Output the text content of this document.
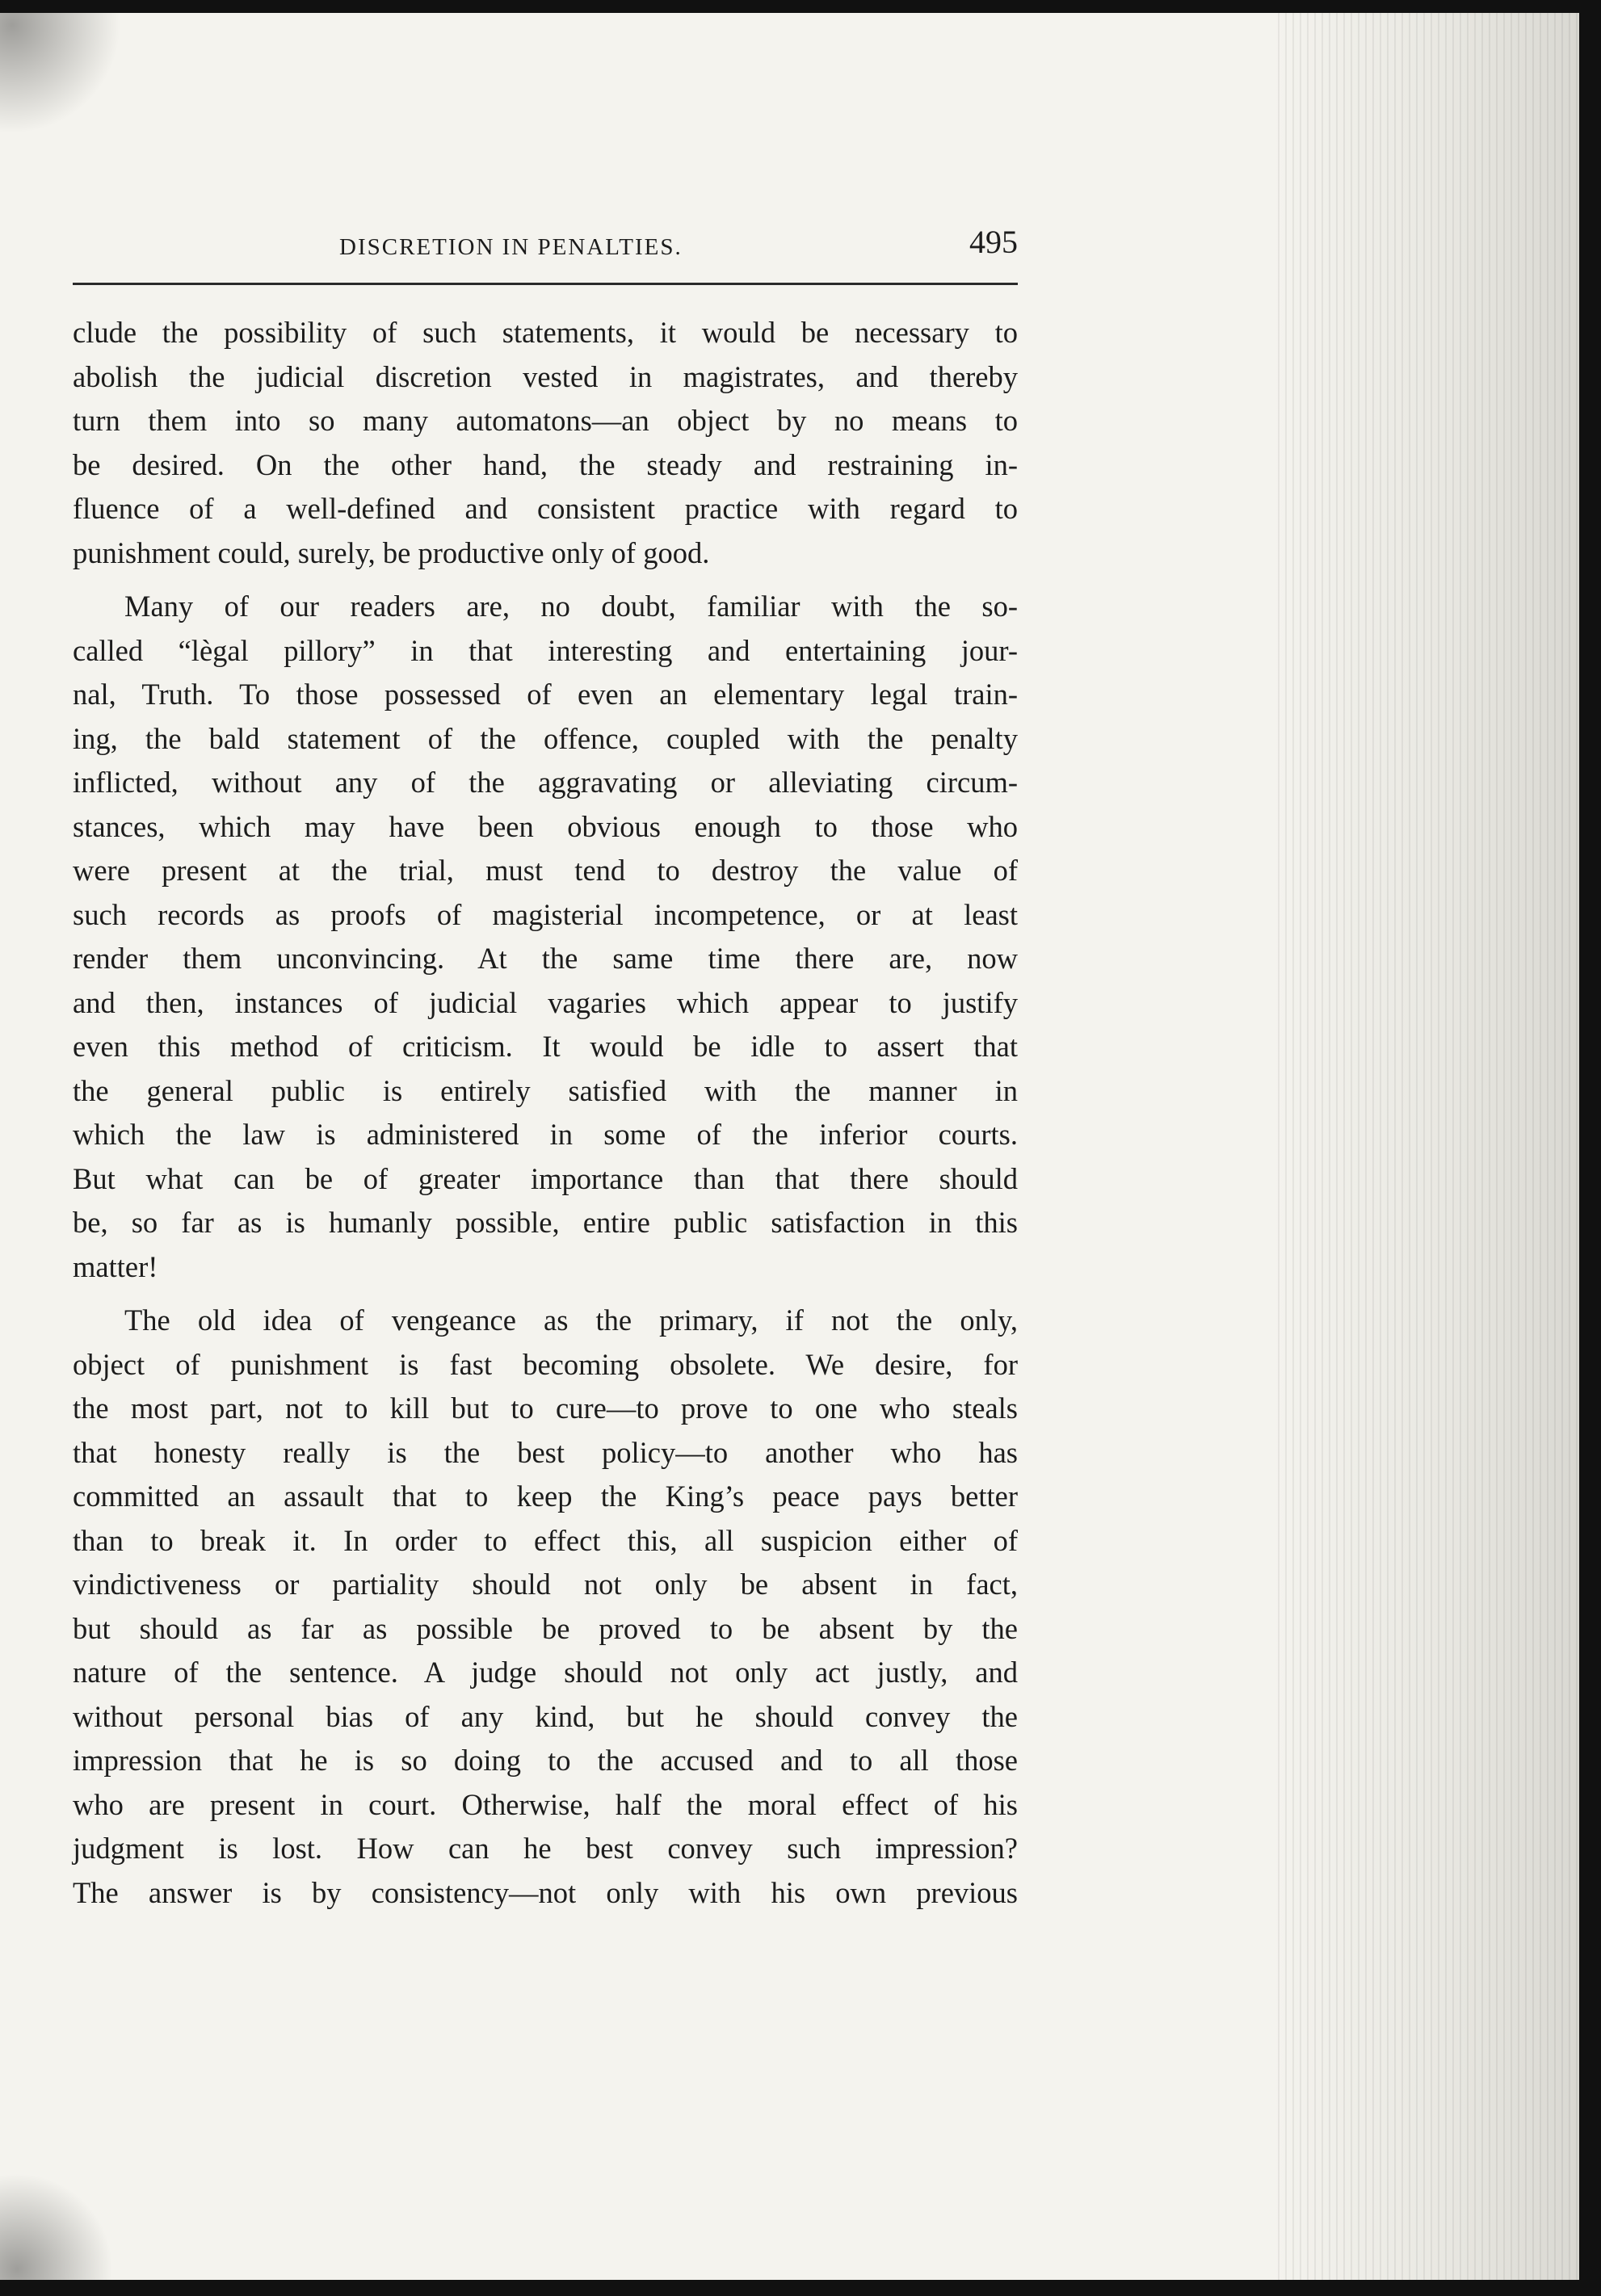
DISCRETION IN PENALTIES.	495
clude the possibility of such statements, it would be necessary to
abolish the judicial discretion vested in magistrates, and thereby
turn them into so many automatons—an object by no means to
be desired. On the other hand, the steady and restraining in-
fluence of a well-defined and consistent practice with regard to
punishment could, surely, be productive only of good.
Many of our readers are, no doubt, familiar with the so-
called “lègal pillory” in that interesting and entertaining jour-
nal, Truth. To those possessed of even an elementary legal train-
ing, the bald statement of the offence, coupled with the penalty
inflicted, without any of the aggravating or alleviating circum-
stances, which may have been obvious enough to those who
were present at the trial, must tend to destroy the value of
such records as proofs of magisterial incompetence, or at least
render them unconvincing. At the same time there are, now
and then, instances of judicial vagaries which appear to justify
even this method of criticism. It would be idle to assert that
the general public is entirely satisfied with the manner in
which the law is administered in some of the inferior courts.
But what can be of greater importance than that there should
be, so far as is humanly possible, entire public satisfaction in this
matter!
The old idea of vengeance as the primary, if not the only,
object of punishment is fast becoming obsolete. We desire, for
the most part, not to kill but to cure—to prove to one who steals
that honesty really is the best policy—to another who has
committed an assault that to keep the King’s peace pays better
than to break it. In order to effect this, all suspicion either of
vindictiveness or partiality should not only be absent in fact,
but should as far as possible be proved to be absent by the
nature of the sentence. A judge should not only act justly, and
without personal bias of any kind, but he should convey the
impression that he is so doing to the accused and to all those
who are present in court. Otherwise, half the moral effect of his
judgment is lost. How can he best convey such impression?
The answer is by consistency—not only with his own previous
